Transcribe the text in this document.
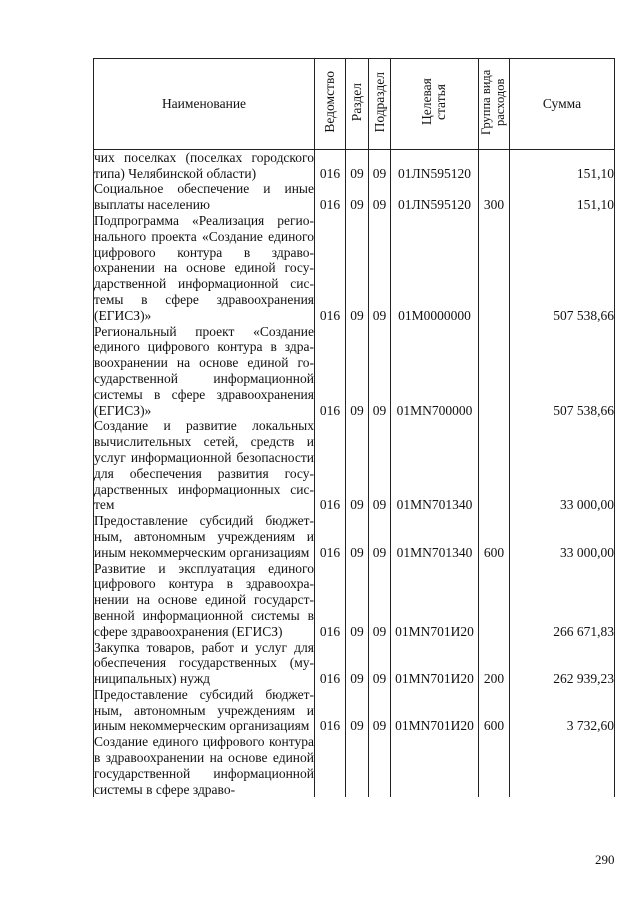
Наименование	Ведомство	Раздел	Подраздел	Целевая статья	Группа вида расходов	Сумма
чих поселках (поселках городского типа) Челябинской области)	016	09	09	01ЛN595120		151,10
Социальное обеспечение и иные выплаты населению	016	09	09	01ЛN595120	300	151,10
Подпрограмма «Реализация регионального проекта «Создание единого цифрового контура в здравоохранении на основе единой государственной информационной системы в сфере здравоохранения (ЕГИСЗ)»	016	09	09	01М0000000		507 538,66
Региональный проект «Создание единого цифрового контура в здравоохранении на основе единой государственной информационной системы в сфере здравоохранения (ЕГИСЗ)»	016	09	09	01МN700000		507 538,66
Создание и развитие локальных вычислительных сетей, средств и услуг информационной безопасности для обеспечения развития государственных информационных систем	016	09	09	01МN701340		33 000,00
Предоставление субсидий бюджетным, автономным учреждениям и иным некоммерческим организациям	016	09	09	01МN701340	600	33 000,00
Развитие и эксплуатация единого цифрового контура в здравоохранении на основе единой государственной информационной системы в сфере здравоохранения (ЕГИСЗ)	016	09	09	01МN701И20		266 671,83
Закупка товаров, работ и услуг для обеспечения государственных (муниципальных) нужд	016	09	09	01МN701И20	200	262 939,23
Предоставление субсидий бюджетным, автономным учреждениям и иным некоммерческим организациям	016	09	09	01МN701И20	600	3 732,60
Создание единого цифрового контура в здравоохранении на основе единой государственной информационной системы в сфере здраво-						
290
